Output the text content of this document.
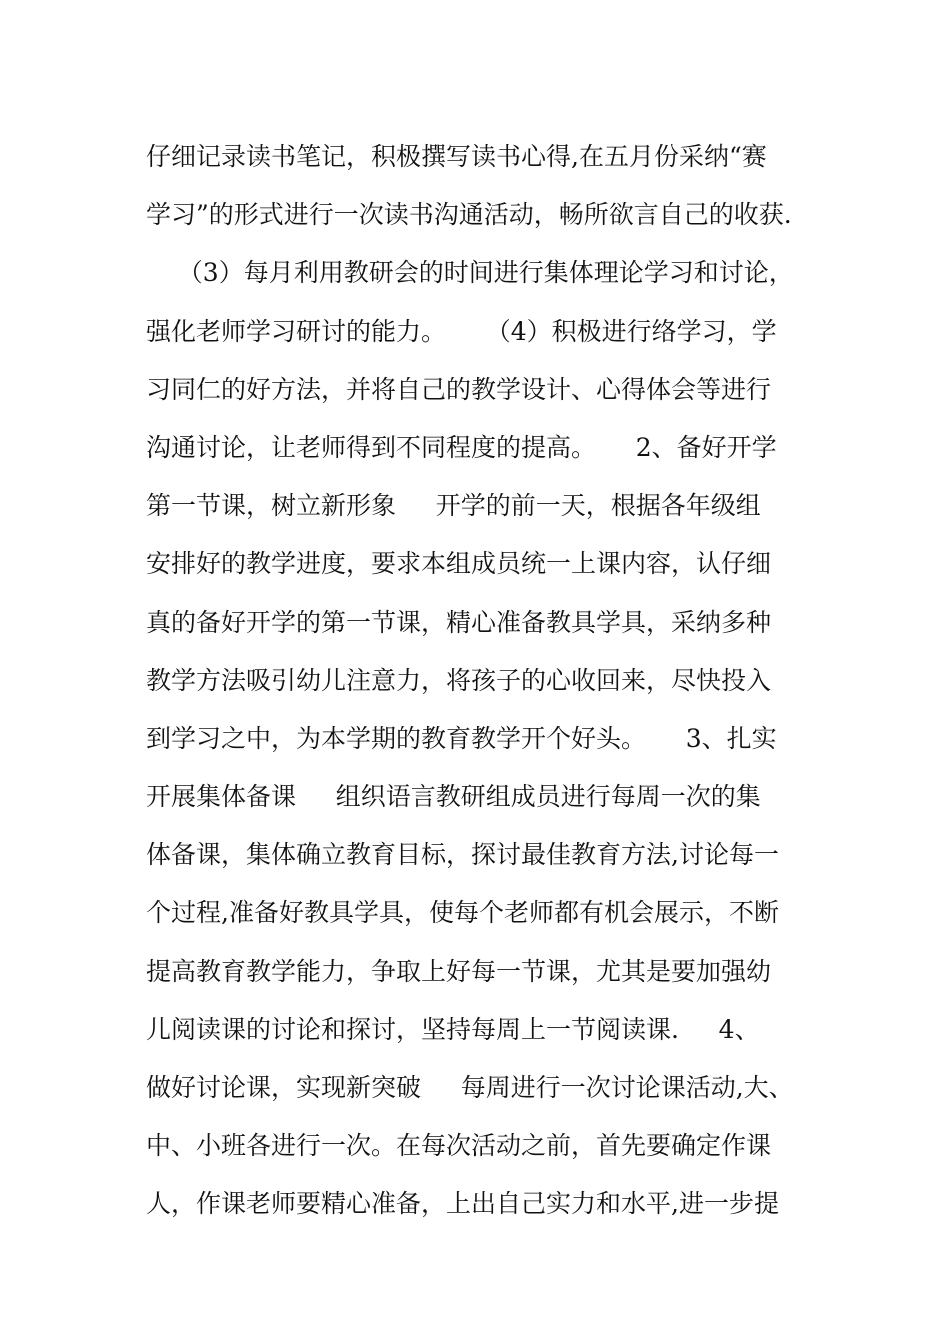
仔细记录读书笔记，积极撰写读书心得,在五月份采纳“赛
学习”的形式进行一次读书沟通活动，畅所欲言自己的收获.
（3）每月利用教研会的时间进行集体理论学习和讨论，
强化老师学习研讨的能力。     （4）积极进行络学习，学
习同仁的好方法，并将自己的教学设计、心得体会等进行
沟通讨论，让老师得到不同程度的提高。     2、备好开学
第一节课，树立新形象     开学的前一天，根据各年级组
安排好的教学进度，要求本组成员统一上课内容，认仔细
真的备好开学的第一节课，精心准备教具学具，采纳多种
教学方法吸引幼儿注意力，将孩子的心收回来，尽快投入
到学习之中，为本学期的教育教学开个好头。     3、扎实
开展集体备课     组织语言教研组成员进行每周一次的集
体备课，集体确立教育目标，探讨最佳教育方法,讨论每一
个过程,准备好教具学具，使每个老师都有机会展示，不断
提高教育教学能力，争取上好每一节课，尤其是要加强幼
儿阅读课的讨论和探讨，坚持每周上一节阅读课.     4、
做好讨论课，实现新突破     每周进行一次讨论课活动,大、
中、小班各进行一次。在每次活动之前，首先要确定作课
人，作课老师要精心准备，上出自己实力和水平,进一步提
